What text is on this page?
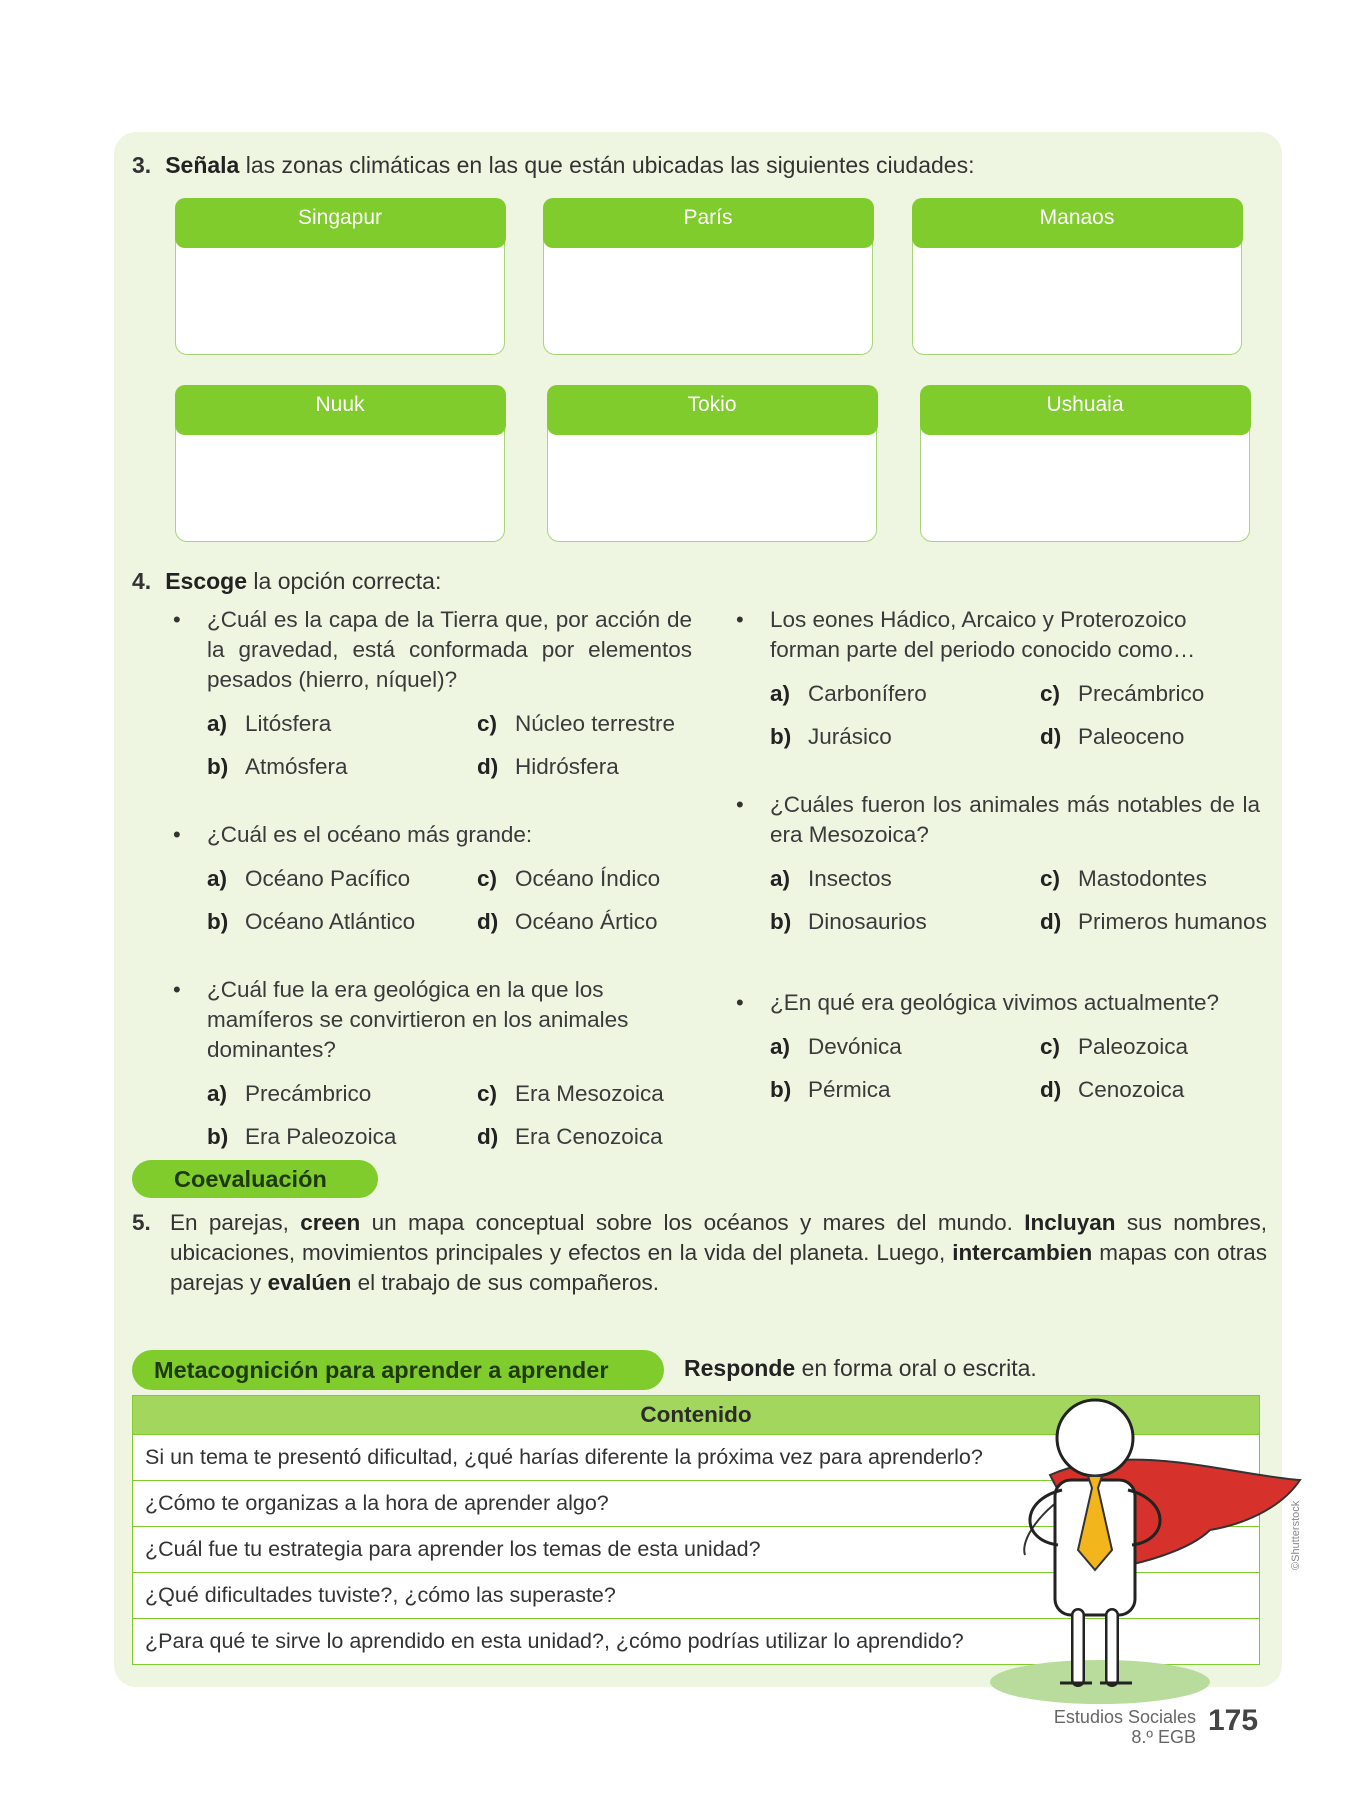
3. Señala las zonas climáticas en las que están ubicadas las siguientes ciudades:
Singapur	París	Manaos
Nuuk	Tokio	Ushuaia
4. Escoge la opción correcta:
• ¿Cuál es la capa de la Tierra que, por acción de la gravedad, está conformada por elementos pesados (hierro, níquel)?
a) Litósfera	c) Núcleo terrestre
b) Atmósfera	d) Hidrósfera
• ¿Cuál es el océano más grande:
a) Océano Pacífico	c) Océano Índico
b) Océano Atlántico	d) Océano Ártico
• ¿Cuál fue la era geológica en la que los mamíferos se convirtieron en los animales dominantes?
a) Precámbrico	c) Era Mesozoica
b) Era Paleozoica	d) Era Cenozoica
• Los eones Hádico, Arcaico y Proterozoico forman parte del periodo conocido como…
a) Carbonífero	c) Precámbrico
b) Jurásico	d) Paleoceno
• ¿Cuáles fueron los animales más notables de la era Mesozoica?
a) Insectos	c) Mastodontes
b) Dinosaurios	d) Primeros humanos
• ¿En qué era geológica vivimos actualmente?
a) Devónica	c) Paleozoica
b) Pérmica	d) Cenozoica
Coevaluación
5. En parejas, creen un mapa conceptual sobre los océanos y mares del mundo. Incluyan sus nombres, ubicaciones, movimientos principales y efectos en la vida del planeta. Luego, intercambien mapas con otras parejas y evalúen el trabajo de sus compañeros.
Metacognición para aprender a aprender	Responde en forma oral o escrita.
Contenido
Si un tema te presentó dificultad, ¿qué harías diferente la próxima vez para aprenderlo?
¿Cómo te organizas a la hora de aprender algo?
¿Cuál fue tu estrategia para aprender los temas de esta unidad?
¿Qué dificultades tuviste?, ¿cómo las superaste?
¿Para qué te sirve lo aprendido en esta unidad?, ¿cómo podrías utilizar lo aprendido?
©Shutterstock
Estudios Sociales
8.º EGB 175
